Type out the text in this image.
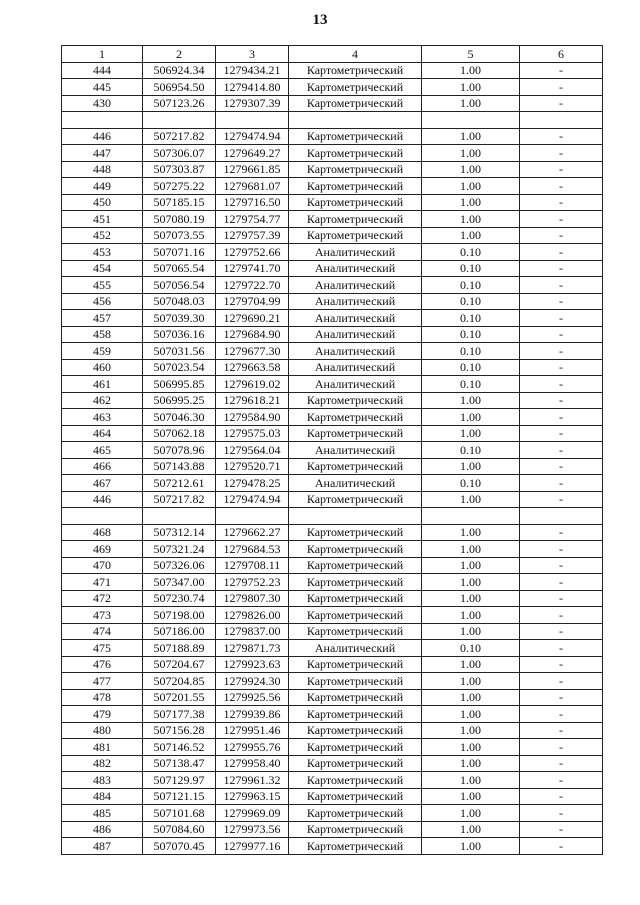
13
1	2	3	4	5	6
444	506924.34	1279434.21	Картометрический	1.00	-
445	506954.50	1279414.80	Картометрический	1.00	-
430	507123.26	1279307.39	Картометрический	1.00	-

446	507217.82	1279474.94	Картометрический	1.00	-
447	507306.07	1279649.27	Картометрический	1.00	-
448	507303.87	1279661.85	Картометрический	1.00	-
449	507275.22	1279681.07	Картометрический	1.00	-
450	507185.15	1279716.50	Картометрический	1.00	-
451	507080.19	1279754.77	Картометрический	1.00	-
452	507073.55	1279757.39	Картометрический	1.00	-
453	507071.16	1279752.66	Аналитический	0.10	-
454	507065.54	1279741.70	Аналитический	0.10	-
455	507056.54	1279722.70	Аналитический	0.10	-
456	507048.03	1279704.99	Аналитический	0.10	-
457	507039.30	1279690.21	Аналитический	0.10	-
458	507036.16	1279684.90	Аналитический	0.10	-
459	507031.56	1279677.30	Аналитический	0.10	-
460	507023.54	1279663.58	Аналитический	0.10	-
461	506995.85	1279619.02	Аналитический	0.10	-
462	506995.25	1279618.21	Картометрический	1.00	-
463	507046.30	1279584.90	Картометрический	1.00	-
464	507062.18	1279575.03	Картометрический	1.00	-
465	507078.96	1279564.04	Аналитический	0.10	-
466	507143.88	1279520.71	Картометрический	1.00	-
467	507212.61	1279478.25	Аналитический	0.10	-
446	507217.82	1279474.94	Картометрический	1.00	-

468	507312.14	1279662.27	Картометрический	1.00	-
469	507321.24	1279684.53	Картометрический	1.00	-
470	507326.06	1279708.11	Картометрический	1.00	-
471	507347.00	1279752.23	Картометрический	1.00	-
472	507230.74	1279807.30	Картометрический	1.00	-
473	507198.00	1279826.00	Картометрический	1.00	-
474	507186.00	1279837.00	Картометрический	1.00	-
475	507188.89	1279871.73	Аналитический	0.10	-
476	507204.67	1279923.63	Картометрический	1.00	-
477	507204.85	1279924.30	Картометрический	1.00	-
478	507201.55	1279925.56	Картометрический	1.00	-
479	507177.38	1279939.86	Картометрический	1.00	-
480	507156.28	1279951.46	Картометрический	1.00	-
481	507146.52	1279955.76	Картометрический	1.00	-
482	507138.47	1279958.40	Картометрический	1.00	-
483	507129.97	1279961.32	Картометрический	1.00	-
484	507121.15	1279963.15	Картометрический	1.00	-
485	507101.68	1279969.09	Картометрический	1.00	-
486	507084.60	1279973.56	Картометрический	1.00	-
487	507070.45	1279977.16	Картометрический	1.00	-
